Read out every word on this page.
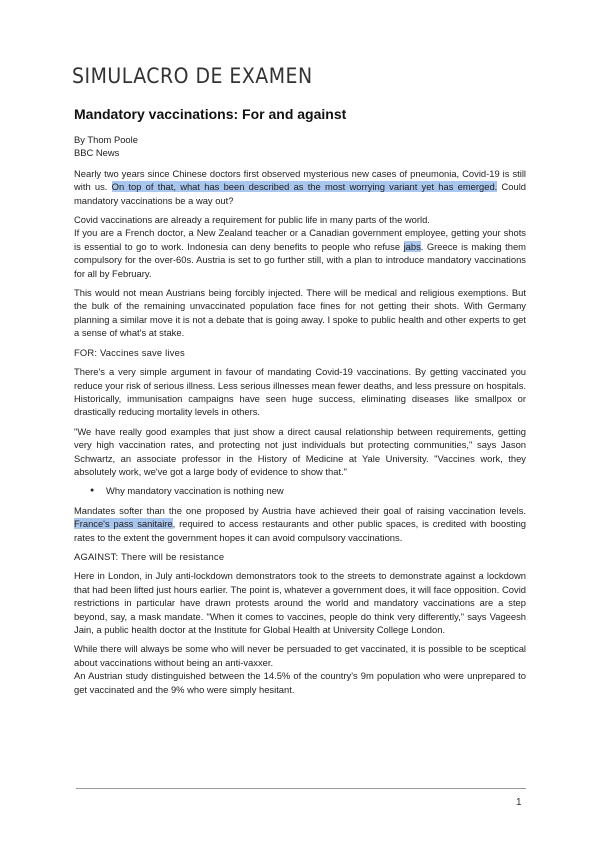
SIMULACRO DE EXAMEN
Mandatory vaccinations: For and against
By Thom Poole
BBC News

Nearly two years since Chinese doctors first observed mysterious new cases of pneumonia, Covid-19 is still with us. On top of that, what has been described as the most worrying variant yet has emerged. Could mandatory vaccinations be a way out?

Covid vaccinations are already a requirement for public life in many parts of the world.

If you are a French doctor, a New Zealand teacher or a Canadian government employee, getting your shots is essential to go to work. Indonesia can deny benefits to people who refuse jabs. Greece is making them compulsory for the over-60s. Austria is set to go further still, with a plan to introduce mandatory vaccinations for all by February.

This would not mean Austrians being forcibly injected. There will be medical and religious exemptions. But the bulk of the remaining unvaccinated population face fines for not getting their shots. With Germany planning a similar move it is not a debate that is going away. I spoke to public health and other experts to get a sense of what's at stake.

FOR: Vaccines save lives

There's a very simple argument in favour of mandating Covid-19 vaccinations. By getting vaccinated you reduce your risk of serious illness. Less serious illnesses mean fewer deaths, and less pressure on hospitals. Historically, immunisation campaigns have seen huge success, eliminating diseases like smallpox or drastically reducing mortality levels in others.

"We have really good examples that just show a direct causal relationship between requirements, getting very high vaccination rates, and protecting not just individuals but protecting communities," says Jason Schwartz, an associate professor in the History of Medicine at Yale University. "Vaccines work, they absolutely work, we've got a large body of evidence to show that."

● Why mandatory vaccination is nothing new

Mandates softer than the one proposed by Austria have achieved their goal of raising vaccination levels. France's pass sanitaire, required to access restaurants and other public spaces, is credited with boosting rates to the extent the government hopes it can avoid compulsory vaccinations.

AGAINST: There will be resistance

Here in London, in July anti-lockdown demonstrators took to the streets to demonstrate against a lockdown that had been lifted just hours earlier. The point is, whatever a government does, it will face opposition. Covid restrictions in particular have drawn protests around the world and mandatory vaccinations are a step beyond, say, a mask mandate. "When it comes to vaccines, people do think very differently," says Vageesh Jain, a public health doctor at the Institute for Global Health at University College London.

While there will always be some who will never be persuaded to get vaccinated, it is possible to be sceptical about vaccinations without being an anti-vaxxer.

An Austrian study distinguished between the 14.5% of the country's 9m population who were unprepared to get vaccinated and the 9% who were simply hesitant.

1
